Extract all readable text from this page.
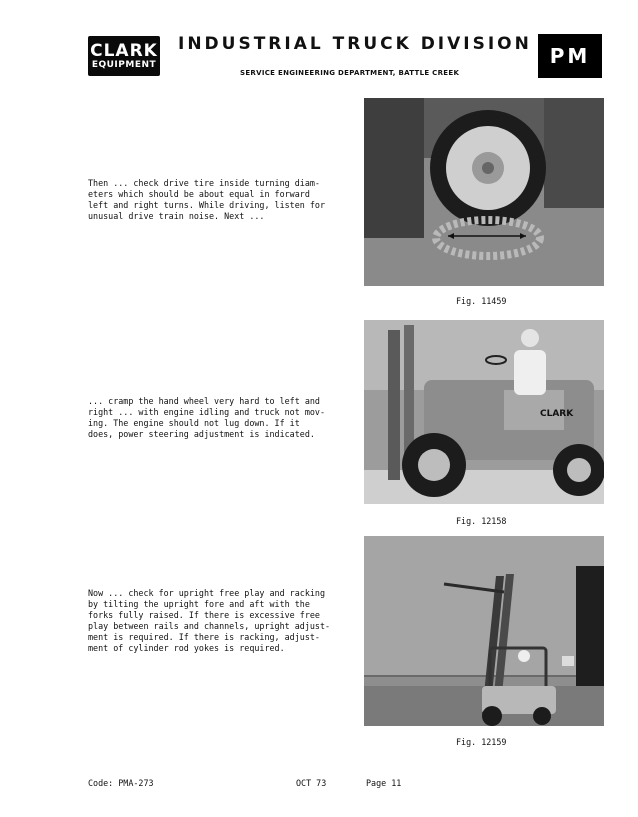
CLARK
EQUIPMENT
INDUSTRIAL TRUCK DIVISION
SERVICE ENGINEERING DEPARTMENT, BATTLE CREEK
PM
Then ... check drive tire inside turning diam-
eters which should be about equal in forward
left and right turns. While driving, listen for
unusual drive train noise. Next ...
Fig. 11459
... cramp the hand wheel very hard to left and
right ... with engine idling and truck not mov-
ing. The engine should not lug down. If it
does, power steering adjustment is indicated.
CLARK
Fig. 12158
Now ... check for upright free play and racking
by tilting the upright fore and aft with the
forks fully raised. If there is excessive free
play between rails and channels, upright adjust-
ment is required. If there is racking, adjust-
ment of cylinder rod yokes is required.
Fig. 12159
Code: PMA-273	OCT 73	Page 11
